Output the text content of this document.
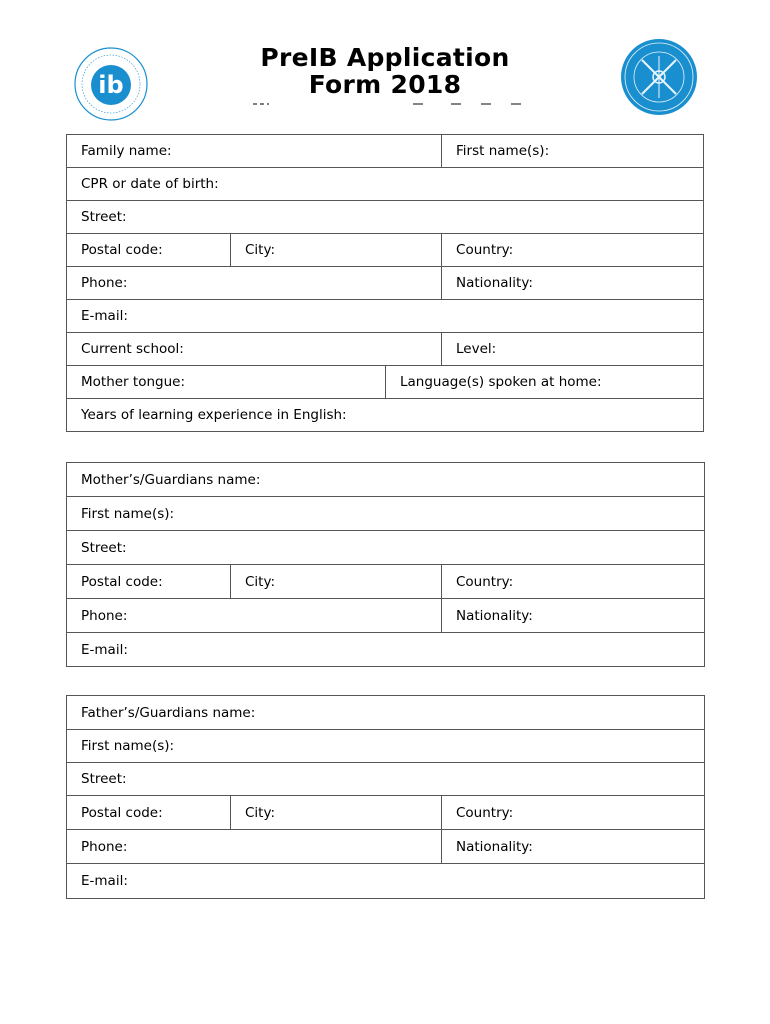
ib
PreIB Application
Form 2018
Family name:			First name(s):
CPR or date of birth:			
Street:			
Postal code:	City:		Country:
Phone:			Nationality:
E-mail:			
Current school:			Level:
Mother tongue:		Language(s) spoken at home:	
Years of learning experience in English:			
Mother’s/Guardians name:		
First name(s):		
Street:		
Postal code:	City:	Country:
Phone:		Nationality:
E-mail:		
Father’s/Guardians name:		
First name(s):		
Street:		
Postal code:	City:	Country:
Phone:		Nationality:
E-mail:		
